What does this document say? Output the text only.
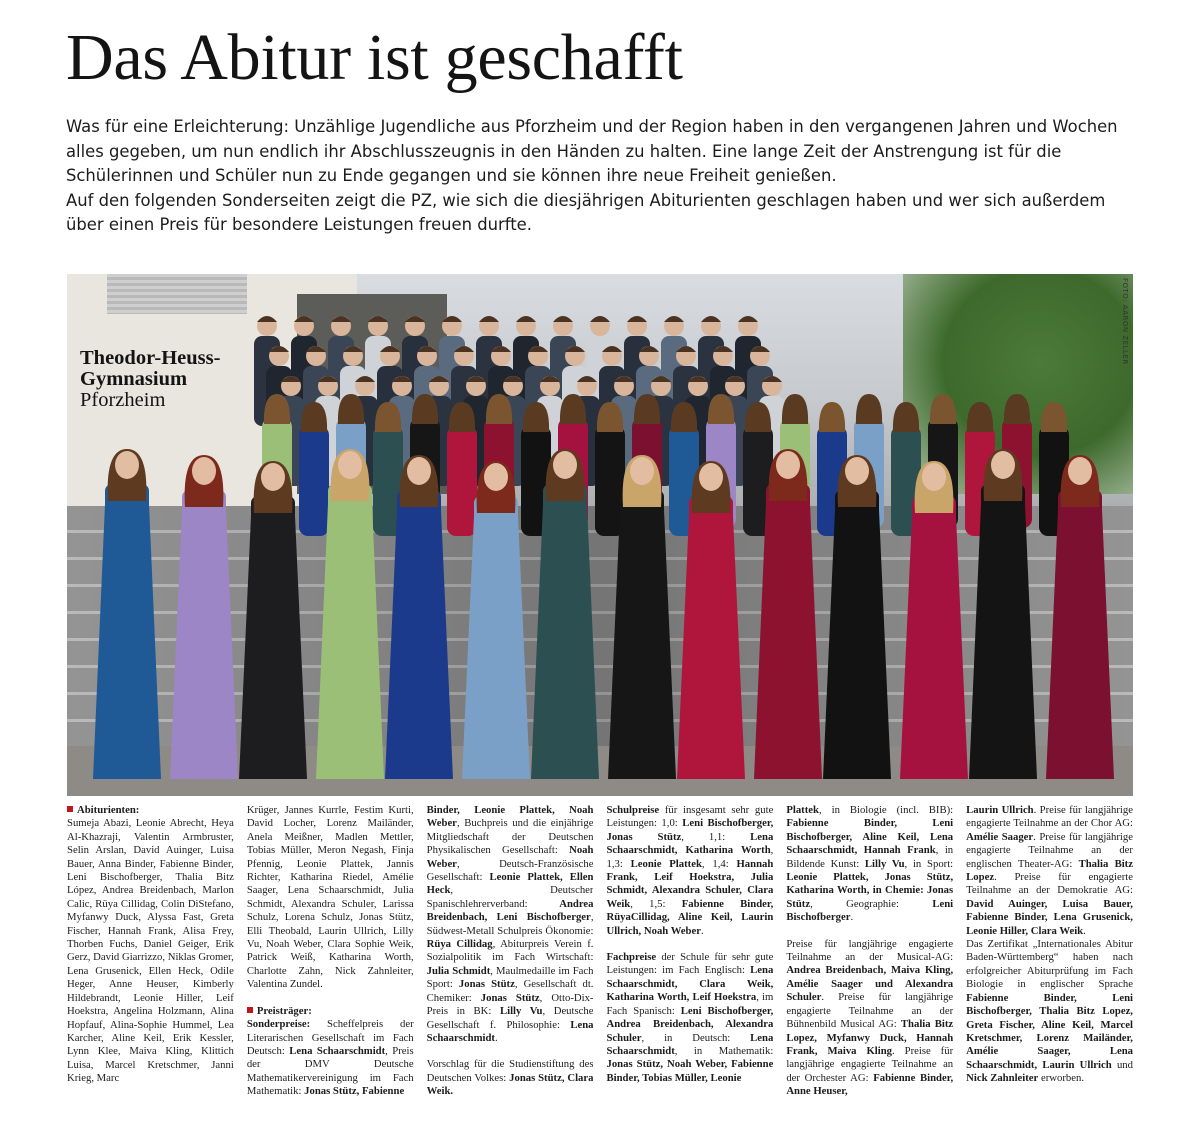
Das Abitur ist geschafft

Was für eine Erleichterung: Unzählige Jugendliche aus Pforzheim und der Region haben in den vergangenen Jahren und Wochen alles gegeben, um nun endlich ihr Abschlusszeugnis in den Händen zu halten. Eine lange Zeit der Anstrengung ist für die Schülerinnen und Schüler nun zu Ende gegangen und sie können ihre neue Freiheit genießen.

Auf den folgenden Sonderseiten zeigt die PZ, wie sich die diesjährigen Abiturienten geschlagen haben und wer sich außerdem über einen Preis für besondere Leistungen freuen durfte.

Theodor-Heuss-
Gymnasium
Pforzheim
FOTO: AARON ZELLER

Abiturienten:

Sumeja Abazi, Leonie Abrecht, Heya Al-Khazraji, Valentin Armbruster, Selin Arslan, David Auinger, Luisa Bauer, Anna Binder, Fabienne Binder, Leni Bischofberger, Thalia Bitz López, Andrea Breidenbach, Marlon Calic, Rüya Cillidag, Colin DiStefano, Myfanwy Duck, Alyssa Fast, Greta Fischer, Hannah Frank, Alisa Frey, Thorben Fuchs, Daniel Geiger, Erik Gerz, David Giarrizzo, Niklas Gromer, Lena Grusenick, Ellen Heck, Odile Heger, Anne Heuser, Kimberly Hildebrandt, Leonie Hiller, Leif Hoekstra, Angelina Holzmann, Alina Hopfauf, Alina-Sophie Hummel, Lea Karcher, Aline Keil, Erik Kessler, Lynn Klee, Maiva Kling, Klittich Luisa, Marcel Kretschmer, Janni Krieg, Marc

Krüger, Jannes Kurrle, Festim Kurti, David Locher, Lorenz Mailänder, Anela Meißner, Madlen Mettler, Tobias Müller, Meron Negash, Finja Pfennig, Leonie Plattek, Jannis Richter, Katharina Riedel, Amélie Saager, Lena Schaarschmidt, Julia Schmidt, Alexandra Schuler, Larissa Schulz, Lorena Schulz, Jonas Stütz, Elli Theobald, Laurin Ullrich, Lilly Vu, Noah Weber, Clara Sophie Weik, Patrick Weiß, Katharina Worth, Charlotte Zahn, Nick Zahnleiter, Valentina Zundel.

Preisträger:

Sonderpreise: Scheffelpreis der Literarischen Gesellschaft im Fach Deutsch: Lena Schaarschmidt, Preis der DMV Deutsche Mathematikervereinigung im Fach Mathematik: Jonas Stütz, Fabienne

Binder, Leonie Plattek, Noah Weber, Buchpreis und die einjährige Mitgliedschaft der Deutschen Physikalischen Gesellschaft: Noah Weber, Deutsch-Französische Gesellschaft: Leonie Plattek, Ellen Heck, Deutscher Spanischlehrerverband:	Andrea Breidenbach, Leni Bischofberger, Südwest-Metall Schulpreis Ökonomie: Rüya Cillidag, Abiturpreis Verein f. Sozialpolitik im Fach Wirtschaft: Julia Schmidt, Maulmedaille im Fach Sport: Jonas Stütz, Gesellschaft dt. Chemiker: Jonas Stütz, Otto-Dix-Preis in BK: Lilly Vu, Deutsche Gesellschaft f. Philosophie: Lena Schaarschmidt.

Vorschlag für die Studienstiftung des Deutschen Volkes: Jonas Stütz, Clara Weik.

Schulpreise für insgesamt sehr gute Leistungen: 1,0: Leni Bischofberger, Jonas Stütz, 1,1: Lena Schaarschmidt, Katharina Worth, 1,3: Leonie Plattek, 1,4: Hannah Frank, Leif Hoekstra, Julia Schmidt, Alexandra Schuler, Clara Weik, 1,5: Fabienne Binder, RüyaCillidag, Aline Keil, Laurin Ullrich, Noah Weber.

Fachpreise der Schule für sehr gute Leistungen: im Fach Englisch: Lena Schaarschmidt, Clara Weik, Katharina Worth, Leif Hoekstra, im Fach Spanisch: Leni Bischofberger, Andrea Breidenbach, Alexandra Schuler, in Deutsch: Lena Schaarschmidt, in Mathematik: Jonas Stütz, Noah Weber, Fabienne Binder, Tobias Müller, Leonie

Plattek, in Biologie (incl. BIB): Fabienne Binder, Leni Bischofberger, Aline Keil, Lena Schaarschmidt, Hannah Frank, in Bildende Kunst: Lilly Vu, in Sport: Leonie Plattek, Jonas Stütz, Katharina Worth, in Chemie: Jonas Stütz, Geographie:	Leni Bischofberger.

Preise für langjährige engagierte Teilnahme an der Musical-AG: Andrea Breidenbach, Maiva Kling, Amélie Saager und Alexandra Schuler. Preise für langjährige engagierte Teilnahme an der Bühnenbild Musical AG: Thalia Bitz Lopez, Myfanwy Duck, Hannah Frank, Maiva Kling. Preise für langjährige engagierte Teilnahme an der Orchester AG: Fabienne Binder, Anne Heuser,

Laurin Ullrich. Preise für langjährige engagierte Teilnahme an der Chor AG: Amélie Saager. Preise für langjährige engagierte Teilnahme an der englischen Theater-AG: Thalia Bitz Lopez. Preise für engagierte Teilnahme an der Demokratie AG: David Auinger, Luisa Bauer, Fabienne Binder, Lena Grusenick, Leonie Hiller, Clara Weik.

Das Zertifikat „Internationales Abitur Baden-Württemberg“ haben nach erfolgreicher Abiturprüfung im Fach Biologie in englischer Sprache Fabienne Binder, Leni Bischofberger, Thalia Bitz Lopez, Greta Fischer, Aline Keil, Marcel Kretschmer, Lorenz Mailänder, Amélie Saager, Lena Schaarschmidt, Laurin Ullrich und Nick Zahnleiter erworben.
